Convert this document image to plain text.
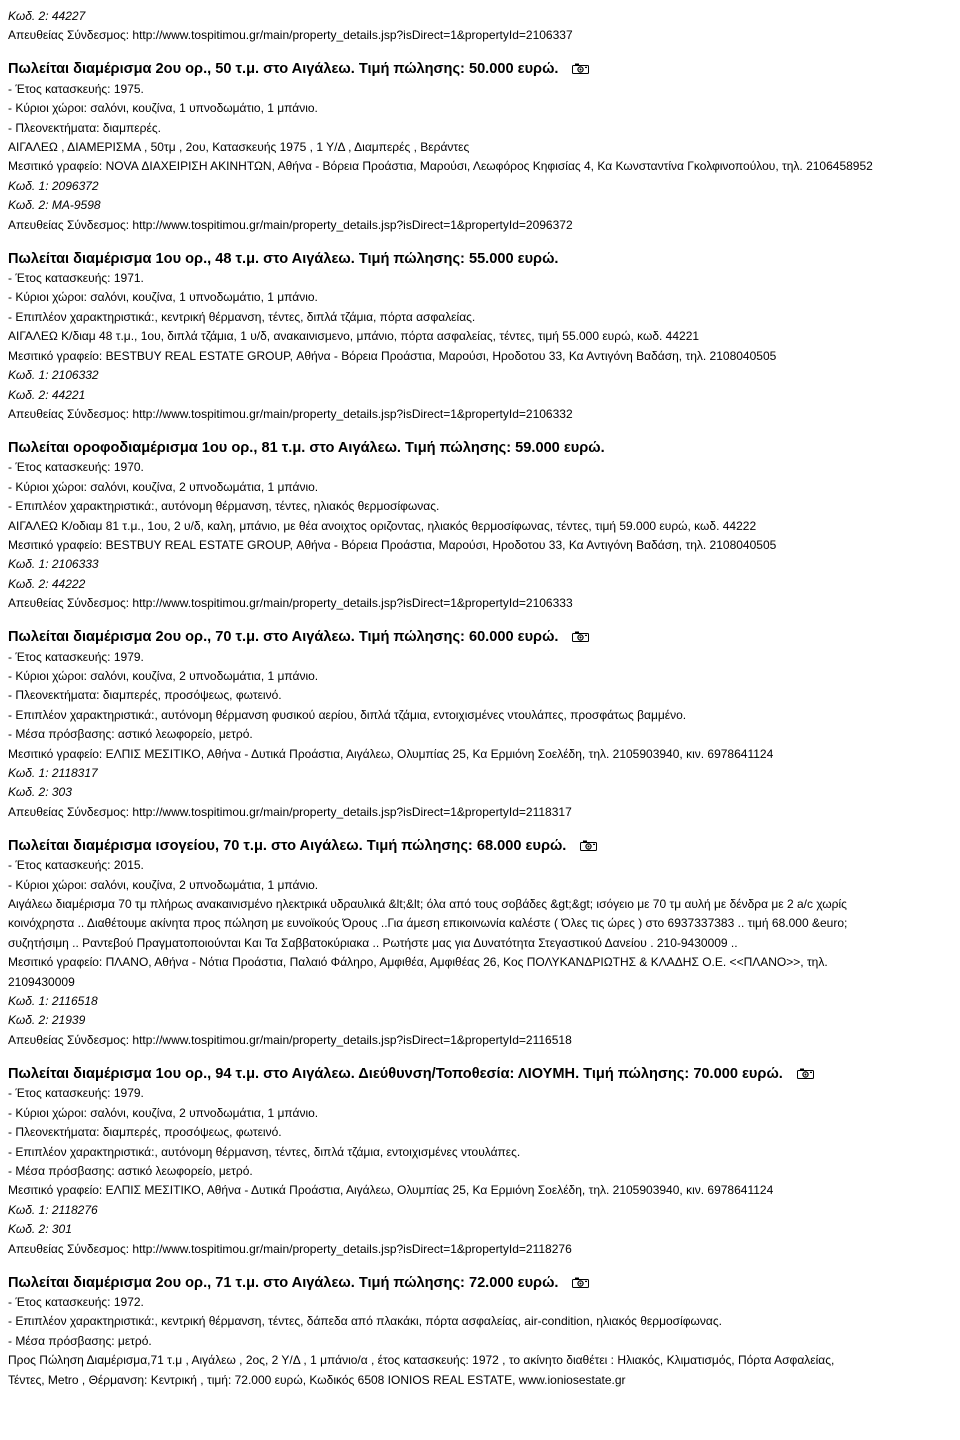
Κωδ. 2: 44227
Απευθείας Σύνδεσμος: http://www.tospitimou.gr/main/property_details.jsp?isDirect=1&propertyId=2106337
Πωλείται διαμέρισμα 2ου ορ., 50 τ.μ. στο Αιγάλεω. Τιμή πώλησης: 50.000 ευρώ.
- Έτος κατασκευής: 1975.
- Κύριοι χώροι: σαλόνι, κουζίνα, 1 υπνοδωμάτιο, 1 μπάνιο.
- Πλεονεκτήματα: διαμπερές.
ΑΙΓΑΛΕΩ , ΔΙΑΜΕΡΙΣΜΑ , 50τμ , 2ου, Κατασκευής 1975 , 1 Υ/Δ , Διαμπερές , Βεράντες
Μεσιτικό γραφείο: NOVA ΔΙΑΧΕΙΡΙΣΗ ΑΚΙΝΗΤΩΝ, Αθήνα - Βόρεια Προάστια, Μαρούσι, Λεωφόρος Κηφισίας 4, Κα Κωνσταντίνα Γκολφινοπούλου, τηλ. 2106458952
Κωδ. 1: 2096372
Κωδ. 2: MA-9598
Απευθείας Σύνδεσμος: http://www.tospitimou.gr/main/property_details.jsp?isDirect=1&propertyId=2096372
Πωλείται διαμέρισμα 1ου ορ., 48 τ.μ. στο Αιγάλεω. Τιμή πώλησης: 55.000 ευρώ.
- Έτος κατασκευής: 1971.
- Κύριοι χώροι: σαλόνι, κουζίνα, 1 υπνοδωμάτιο, 1 μπάνιο.
- Επιπλέον χαρακτηριστικά:, κεντρική θέρμανση, τέντες, διπλά τζάμια, πόρτα ασφαλείας.
ΑΙΓΑΛΕΩ Κ/διαμ 48 τ.μ., 1ου, διπλά τζάμια, 1 υ/δ, ανακαινισμενο, μπάνιο, πόρτα ασφαλείας, τέντες, τιμή 55.000 ευρώ, κωδ. 44221
Μεσιτικό γραφείο: BESTBUY REAL ESTATE GROUP, Αθήνα - Βόρεια Προάστια, Μαρούσι, Ηροδοτου 33, Κα Αντιγόνη Βαδάση, τηλ. 2108040505
Κωδ. 1: 2106332
Κωδ. 2: 44221
Απευθείας Σύνδεσμος: http://www.tospitimou.gr/main/property_details.jsp?isDirect=1&propertyId=2106332
Πωλείται οροφοδιαμέρισμα 1ου ορ., 81 τ.μ. στο Αιγάλεω. Τιμή πώλησης: 59.000 ευρώ.
- Έτος κατασκευής: 1970.
- Κύριοι χώροι: σαλόνι, κουζίνα, 2 υπνοδωμάτια, 1 μπάνιο.
- Επιπλέον χαρακτηριστικά:, αυτόνομη θέρμανση, τέντες, ηλιακός θερμοσίφωνας.
ΑΙΓΑΛΕΩ Κ/οδιαμ 81 τ.μ., 1ου, 2 υ/δ, καλη, μπάνιο, με θέα ανοιχτος οριζοντας, ηλιακός θερμοσίφωνας, τέντες, τιμή 59.000 ευρώ, κωδ. 44222
Μεσιτικό γραφείο: BESTBUY REAL ESTATE GROUP, Αθήνα - Βόρεια Προάστια, Μαρούσι, Ηροδοτου 33, Κα Αντιγόνη Βαδάση, τηλ. 2108040505
Κωδ. 1: 2106333
Κωδ. 2: 44222
Απευθείας Σύνδεσμος: http://www.tospitimou.gr/main/property_details.jsp?isDirect=1&propertyId=2106333
Πωλείται διαμέρισμα 2ου ορ., 70 τ.μ. στο Αιγάλεω. Τιμή πώλησης: 60.000 ευρώ.
- Έτος κατασκευής: 1979.
- Κύριοι χώροι: σαλόνι, κουζίνα, 2 υπνοδωμάτια, 1 μπάνιο.
- Πλεονεκτήματα: διαμπερές, προσόψεως, φωτεινό.
- Επιπλέον χαρακτηριστικά:, αυτόνομη θέρμανση φυσικού αερίου, διπλά τζάμια, εντοιχισμένες ντουλάπες, προσφάτως βαμμένο.
- Μέσα πρόσβασης: αστικό λεωφορείο, μετρό.
Μεσιτικό γραφείο: ΕΛΠΙΣ ΜΕΣΙΤΙΚΟ, Αθήνα - Δυτικά Προάστια, Αιγάλεω, Ολυμπίας 25, Κα Ερμιόνη Σοελέδη, τηλ. 2105903940, κιν. 6978641124
Κωδ. 1: 2118317
Κωδ. 2: 303
Απευθείας Σύνδεσμος: http://www.tospitimou.gr/main/property_details.jsp?isDirect=1&propertyId=2118317
Πωλείται διαμέρισμα ισογείου, 70 τ.μ. στο Αιγάλεω. Τιμή πώλησης: 68.000 ευρώ.
- Έτος κατασκευής: 2015.
- Κύριοι χώροι: σαλόνι, κουζίνα, 2 υπνοδωμάτια, 1 μπάνιο.
Αιγάλεω διαμέρισμα 70 τμ πλήρως ανακαινισμένο ηλεκτρικά υδραυλικά &lt;&lt; όλα από τους σοβάδες &gt;&gt; ισόγειο με 70 τμ αυλή με δένδρα με 2 a/c χωρίς
κοινόχρηστα .. Διαθέτουμε ακίνητα προς πώληση με ευνοϊκούς Όρους ..Για άμεση επικοινωνία καλέστε ( Όλες τις ώρες ) στο 6937337383 .. τιμή 68.000 &euro;
συζητήσιμη .. Ραντεβού Πραγματοποιούνται Και Τα Σαββατοκύριακα .. Ρωτήστε μας για Δυνατότητα Στεγαστικού Δανείου . 210-9430009 ..
Μεσιτικό γραφείο: ΠΛΑΝΟ, Αθήνα - Νότια Προάστια, Παλαιό Φάληρο, Αμφιθέα, Αμφιθέας 26, Κος ΠΟΛΥΚΑΝΔΡΙΩΤΗΣ & ΚΛΑΔΗΣ Ο.Ε. <<ΠΛΑΝΟ>>, τηλ.
2109430009
Κωδ. 1: 2116518
Κωδ. 2: 21939
Απευθείας Σύνδεσμος: http://www.tospitimou.gr/main/property_details.jsp?isDirect=1&propertyId=2116518
Πωλείται διαμέρισμα 1ου ορ., 94 τ.μ. στο Αιγάλεω. Διεύθυνση/Τοποθεσία: ΛΙΟΥΜΗ. Τιμή πώλησης: 70.000 ευρώ.
- Έτος κατασκευής: 1979.
- Κύριοι χώροι: σαλόνι, κουζίνα, 2 υπνοδωμάτια, 1 μπάνιο.
- Πλεονεκτήματα: διαμπερές, προσόψεως, φωτεινό.
- Επιπλέον χαρακτηριστικά:, αυτόνομη θέρμανση, τέντες, διπλά τζάμια, εντοιχισμένες ντουλάπες.
- Μέσα πρόσβασης: αστικό λεωφορείο, μετρό.
Μεσιτικό γραφείο: ΕΛΠΙΣ ΜΕΣΙΤΙΚΟ, Αθήνα - Δυτικά Προάστια, Αιγάλεω, Ολυμπίας 25, Κα Ερμιόνη Σοελέδη, τηλ. 2105903940, κιν. 6978641124
Κωδ. 1: 2118276
Κωδ. 2: 301
Απευθείας Σύνδεσμος: http://www.tospitimou.gr/main/property_details.jsp?isDirect=1&propertyId=2118276
Πωλείται διαμέρισμα 2ου ορ., 71 τ.μ. στο Αιγάλεω. Τιμή πώλησης: 72.000 ευρώ.
- Έτος κατασκευής: 1972.
- Επιπλέον χαρακτηριστικά:, κεντρική θέρμανση, τέντες, δάπεδα από πλακάκι, πόρτα ασφαλείας, air-condition, ηλιακός θερμοσίφωνας.
- Μέσα πρόσβασης: μετρό.
Προς Πώληση Διαμέρισμα,71 τ.μ , Αιγάλεω , 2ος, 2 Υ/Δ , 1 μπάνιο/α , έτος κατασκευής: 1972 , το ακίνητο διαθέτει : Ηλιακός, Κλιματισμός, Πόρτα Ασφαλείας,
Τέντες, Metro , Θέρμανση: Κεντρική , τιμή: 72.000 ευρώ, Κωδικός 6508 IONIOS REAL ESTATE, www.ioniosestate.gr
